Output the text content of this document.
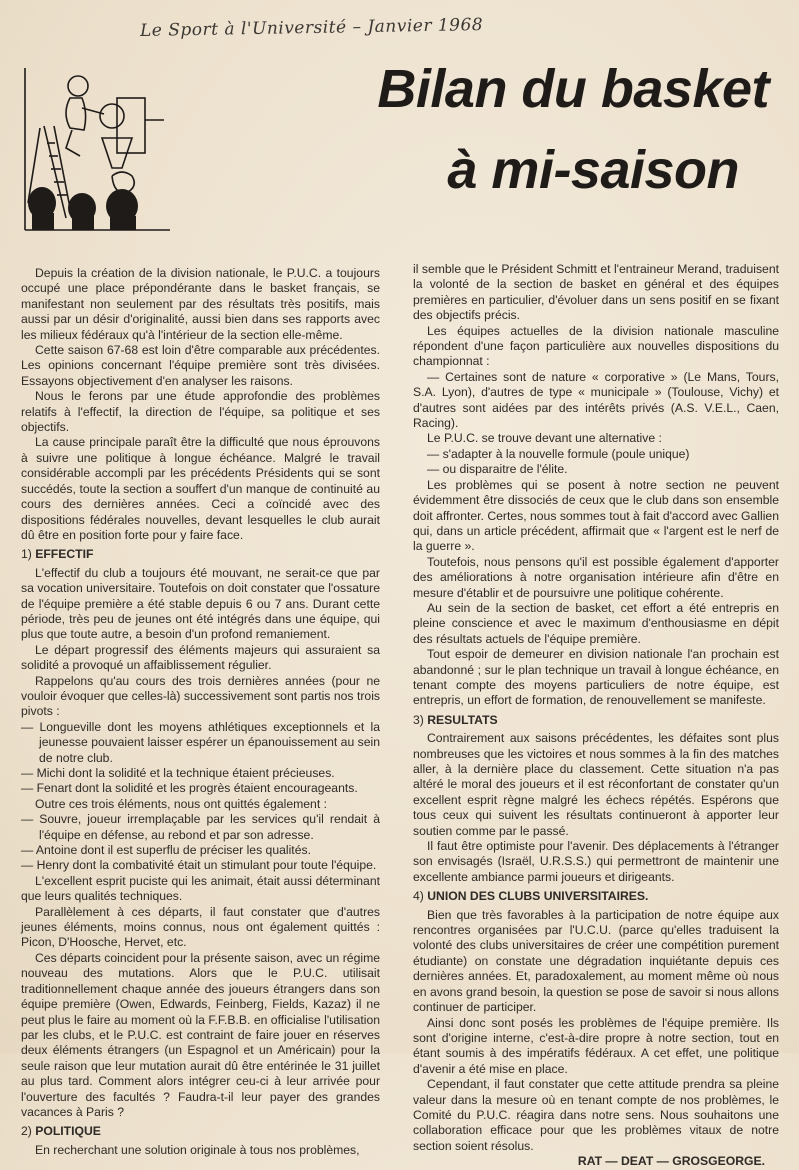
Le Sport à l'Université – Janvier 1968
Bilan du basket
à mi-saison

Depuis la création de la division nationale, le P.U.C. a toujours occupé une place prépondérante dans le basket français, se manifestant non seulement par des résultats très positifs, mais aussi par un désir d'originalité, aussi bien dans ses rapports avec les milieux fédéraux qu'à l'intérieur de la section elle-même.

Cette saison 67-68 est loin d'être comparable aux précédentes. Les opinions concernant l'équipe première sont très divisées. Essayons objectivement d'en analyser les raisons.

Nous le ferons par une étude approfondie des problèmes relatifs à l'effectif, la direction de l'équipe, sa politique et ses objectifs.

La cause principale paraît être la difficulté que nous éprouvons à suivre une politique à longue échéance. Malgré le travail considérable accompli par les précédents Présidents qui se sont succédés, toute la section a souffert d'un manque de continuité au cours des dernières années. Ceci a coïncidé avec des dispositions fédérales nouvelles, devant lesquelles le club aurait dû être en position forte pour y faire face.

1) EFFECTIF

L'effectif du club a toujours été mouvant, ne serait-ce que par sa vocation universitaire. Toutefois on doit constater que l'ossature de l'équipe première a été stable depuis 6 ou 7 ans. Durant cette période, très peu de jeunes ont été intégrés dans une équipe, qui plus que toute autre, a besoin d'un profond remaniement.

Le départ progressif des éléments majeurs qui assuraient sa solidité a provoqué un affaiblissement régulier.

Rappelons qu'au cours des trois dernières années (pour ne vouloir évoquer que celles-là) successivement sont partis nos trois pivots :

— Longueville dont les moyens athlétiques exceptionnels et la jeunesse pouvaient laisser espérer un épanouissement au sein de notre club.

— Michi dont la solidité et la technique étaient précieuses.

— Fenart dont la solidité et les progrès étaient encourageants.

Outre ces trois éléments, nous ont quittés également :

— Souvre, joueur irremplaçable par les services qu'il rendait à l'équipe en défense, au rebond et par son adresse.

— Antoine dont il est superflu de préciser les qualités.

— Henry dont la combativité était un stimulant pour toute l'équipe.

L'excellent esprit puciste qui les animait, était aussi déterminant que leurs qualités techniques.

Parallèlement à ces départs, il faut constater que d'autres jeunes éléments, moins connus, nous ont également quittés : Picon, D'Hoosche, Hervet, etc.

Ces départs coincident pour la présente saison, avec un régime nouveau des mutations. Alors que le P.U.C. utilisait traditionnellement chaque année des joueurs étrangers dans son équipe première (Owen, Edwards, Feinberg, Fields, Kazaz) il ne peut plus le faire au moment où la F.F.B.B. en officialise l'utilisation par les clubs, et le P.U.C. est contraint de faire jouer en réserves deux éléments étrangers (un Espagnol et un Américain) pour la seule raison que leur mutation aurait dû être entérinée le 31 juillet au plus tard. Comment alors intégrer ceu-ci à leur arrivée pour l'ouverture des facultés ? Faudra-t-il leur payer des grandes vacances à Paris ?

2) POLITIQUE

En recherchant une solution originale à tous nos problèmes,

il semble que le Président Schmitt et l'entraineur Merand, traduisent la volonté de la section de basket en général et des équipes premières en particulier, d'évoluer dans un sens positif en se fixant des objectifs précis.

Les équipes actuelles de la division nationale masculine répondent d'une façon particulière aux nouvelles dispositions du championnat :

— Certaines sont de nature « corporative » (Le Mans, Tours, S.A. Lyon), d'autres de type « municipale » (Toulouse, Vichy) et d'autres sont aidées par des intérêts privés (A.S. V.E.L., Caen, Racing).

Le P.U.C. se trouve devant une alternative :

— s'adapter à la nouvelle formule (poule unique)

— ou disparaitre de l'élite.

Les problèmes qui se posent à notre section ne peuvent évidemment être dissociés de ceux que le club dans son ensemble doit affronter. Certes, nous sommes tout à fait d'accord avec Gallien qui, dans un article précédent, affirmait que « l'argent est le nerf de la guerre ».

Toutefois, nous pensons qu'il est possible également d'apporter des améliorations à notre organisation intérieure afin d'être en mesure d'établir et de poursuivre une politique cohérente.

Au sein de la section de basket, cet effort a été entrepris en pleine conscience et avec le maximum d'enthousiasme en dépit des résultats actuels de l'équipe première.

Tout espoir de demeurer en division nationale l'an prochain est abandonné ; sur le plan technique un travail à longue échéance, en tenant compte des moyens particuliers de notre équipe, est entrepris, un effort de formation, de renouvellement se manifeste.

3) RESULTATS

Contrairement aux saisons précédentes, les défaites sont plus nombreuses que les victoires et nous sommes à la fin des matches aller, à la dernière place du classement. Cette situation n'a pas altéré le moral des joueurs et il est réconfortant de constater qu'un excellent esprit règne malgré les échecs répétés. Espérons que tous ceux qui suivent les résultats continueront à apporter leur soutien comme par le passé.

Il faut être optimiste pour l'avenir. Des déplacements à l'étranger son envisagés (Israël, U.R.S.S.) qui permettront de maintenir une excellente ambiance parmi joueurs et dirigeants.

4) UNION DES CLUBS UNIVERSITAIRES.

Bien que très favorables à la participation de notre équipe aux rencontres organisées par l'U.C.U. (parce qu'elles traduisent la volonté des clubs universitaires de créer une compétition purement étudiante) on constate une dégradation inquiétante depuis ces dernières années. Et, paradoxalement, au moment même où nous en avons grand besoin, la question se pose de savoir si nous allons continuer de participer.

Ainsi donc sont posés les problèmes de l'équipe première. Ils sont d'origine interne, c'est-à-dire propre à notre section, tout en étant soumis à des impératifs fédéraux. A cet effet, une politique d'avenir a été mise en place.

Cependant, il faut constater que cette attitude prendra sa pleine valeur dans la mesure où en tenant compte de nos problèmes, le Comité du P.U.C. réagira dans notre sens. Nous souhaitons une collaboration efficace pour que les problèmes vitaux de notre section soient résolus.

RAT — DEAT — GROSGEORGE.
